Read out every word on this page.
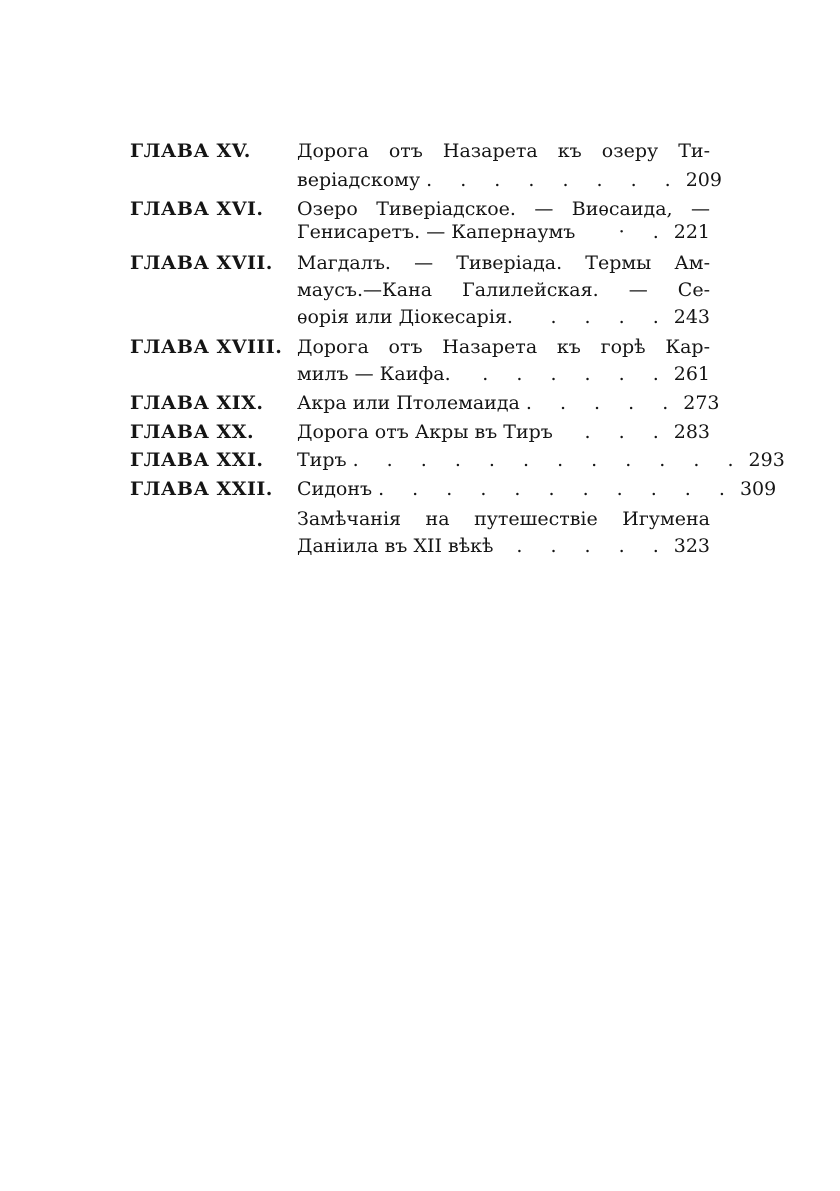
ГЛАВА XV. Дорога отъ Назарета къ озеру Ти-
веріадскому . . . . . . . . 209
ГЛАВА XVI. Озеро Тиверіадское. — Виѳсаида, —
Генисаретъ. — Капернаумъ	· . 221
ГЛАВА XVII. Магдалъ. — Тиверіада. Термы Ам-
маусъ.—Кана Галилейская. — Се-
ѳорія или Діокесарія.	. . . . 243
ГЛАВА XVIII. Дорога отъ Назарета къ горѣ Кар-
милъ — Каифа.	. . . . . . 261
ГЛАВА XIX. Акра или Птолемаида . . . . . 273
ГЛАВА XX. Дорога отъ Акры въ Тиръ	. . . 283
ГЛАВА XXI. Тиръ . . . . . . . . . . . . 293
ГЛАВА XXII. Сидонъ . . . . . . . . . . . 309
Замѣчанія на путешествіе Игумена
Даніила въ XII вѣкѣ	. . . . . 323
